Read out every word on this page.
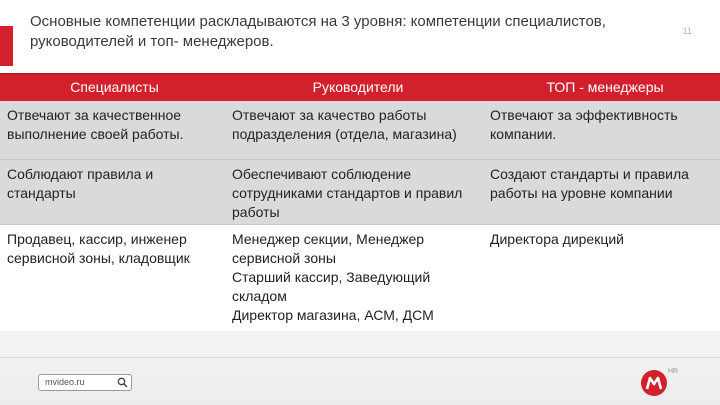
Основные компетенции раскладываются на 3 уровня: компетенции специалистов, руководителей и топ- менеджеров.
11
Специалисты	Руководители	ТОП - менеджеры
Отвечают за качественное выполнение своей работы.
Отвечают за качество работы подразделения (отдела, магазина)
Отвечают за эффективность компании.
Соблюдают правила и стандарты
Обеспечивают соблюдение сотрудниками стандартов и правил работы
Создают стандарты и правила работы на уровне компании
Продавец, кассир, инженер сервисной зоны, кладовщик
Менеджер секции, Менеджер сервисной зоны
Старший кассир, Заведующий складом
Директор магазина, АСМ, ДСМ
Директора дирекций
mvideo.ru
HR
